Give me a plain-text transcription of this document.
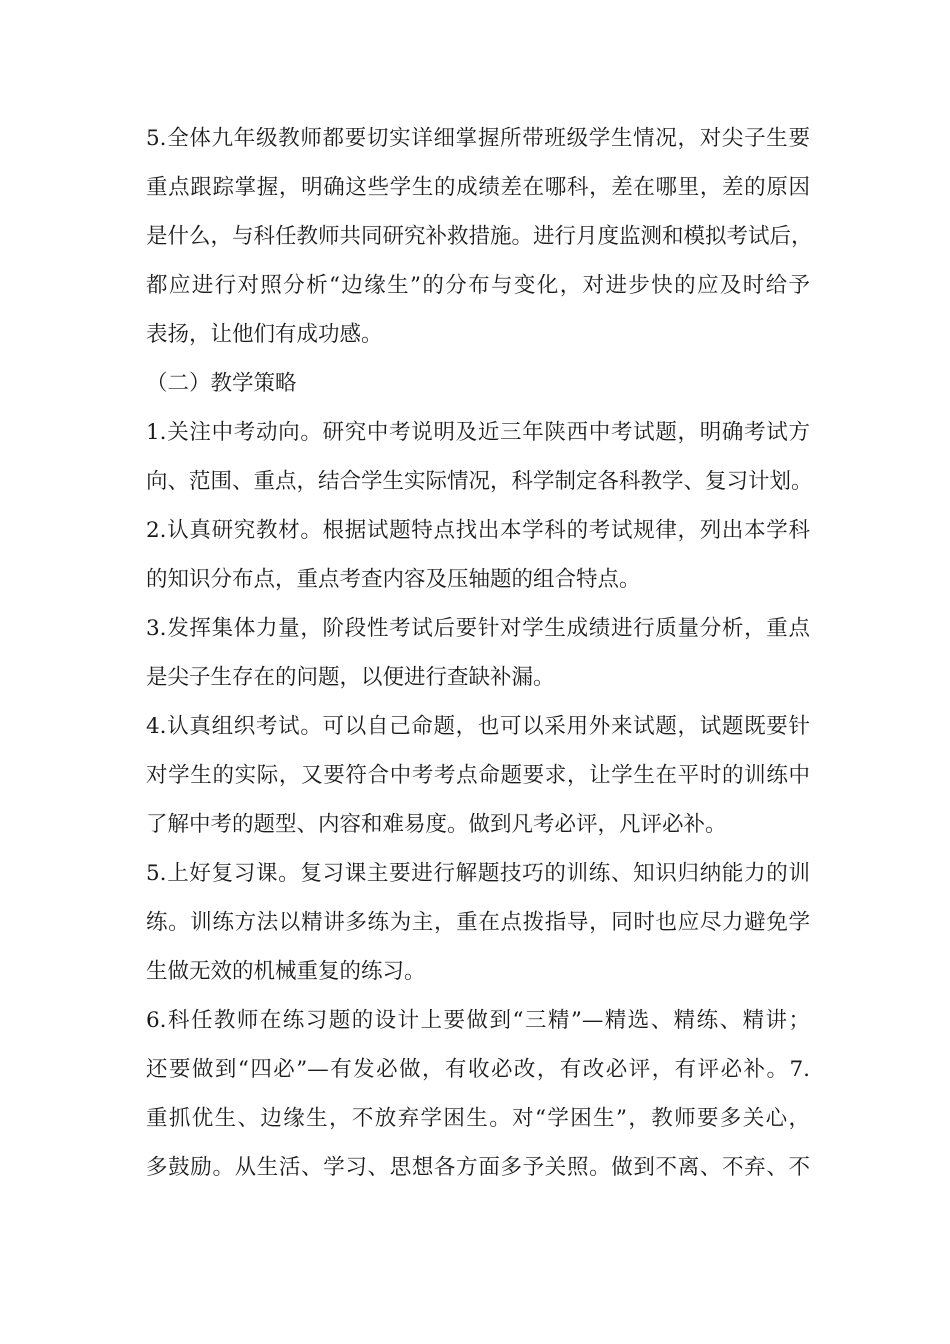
5.全体九年级教师都要切实详细掌握所带班级学生情况，对尖子生要
重点跟踪掌握，明确这些学生的成绩差在哪科，差在哪里，差的原因
是什么，与科任教师共同研究补救措施。进行月度监测和模拟考试后，
都应进行对照分析“边缘生”的分布与变化，对进步快的应及时给予
表扬，让他们有成功感。
（二）教学策略
1.关注中考动向。研究中考说明及近三年陕西中考试题，明确考试方
向、范围、重点，结合学生实际情况，科学制定各科教学、复习计划。
2.认真研究教材。根据试题特点找出本学科的考试规律，列出本学科
的知识分布点，重点考查内容及压轴题的组合特点。
3.发挥集体力量，阶段性考试后要针对学生成绩进行质量分析，重点
是尖子生存在的问题，以便进行查缺补漏。
4.认真组织考试。可以自己命题，也可以采用外来试题，试题既要针
对学生的实际，又要符合中考考点命题要求，让学生在平时的训练中
了解中考的题型、内容和难易度。做到凡考必评，凡评必补。
5.上好复习课。复习课主要进行解题技巧的训练、知识归纳能力的训
练。训练方法以精讲多练为主，重在点拨指导，同时也应尽力避免学
生做无效的机械重复的练习。
6.科任教师在练习题的设计上要做到“三精”—精选、精练、精讲；
还要做到“四必”—有发必做，有收必改，有改必评，有评必补。7.
重抓优生、边缘生，不放弃学困生。对“学困生”，教师要多关心，
多鼓励。从生活、学习、思想各方面多予关照。做到不离、不弃、不
